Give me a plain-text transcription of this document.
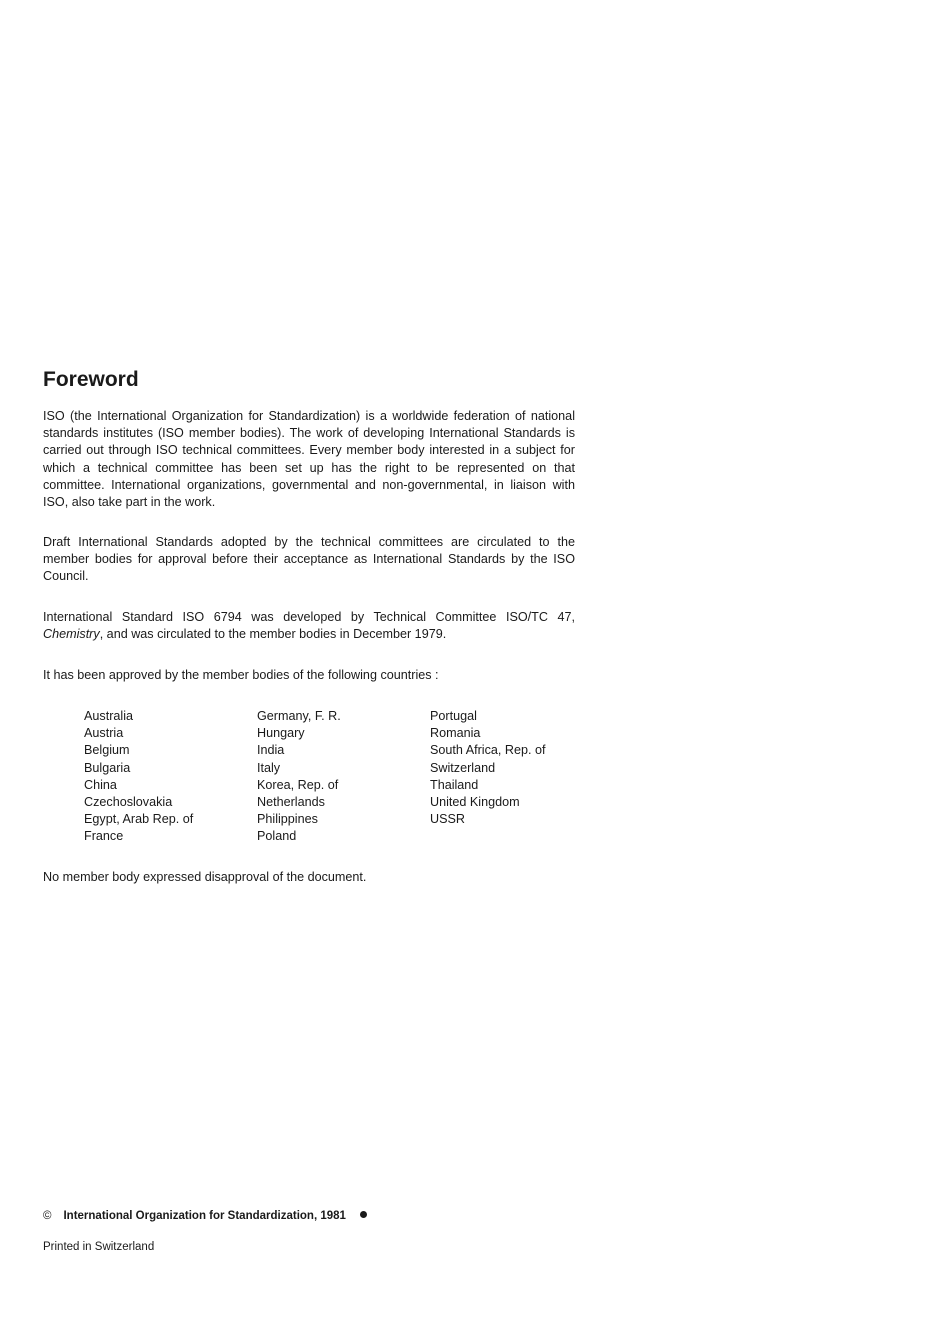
Foreword

ISO (the International Organization for Standardization) is a worldwide federation of national standards institutes (ISO member bodies). The work of developing International Standards is carried out through ISO technical committees. Every member body interested in a subject for which a technical committee has been set up has the right to be represented on that committee. International organizations, governmental and non-governmental, in liaison with ISO, also take part in the work.

Draft International Standards adopted by the technical committees are circulated to the member bodies for approval before their acceptance as International Standards by the ISO Council.

International Standard ISO 6794 was developed by Technical Committee ISO/TC 47, Chemistry, and was circulated to the member bodies in December 1979.

It has been approved by the member bodies of the following countries :

Australia
Austria
Belgium
Bulgaria
China
Czechoslovakia
Egypt, Arab Rep. of
France
Germany, F. R.
Hungary
India
Italy
Korea, Rep. of
Netherlands
Philippines
Poland
Portugal
Romania
South Africa, Rep. of
Switzerland
Thailand
United Kingdom
USSR

No member body expressed disapproval of the document.

© International Organization for Standardization, 1981
Printed in Switzerland
